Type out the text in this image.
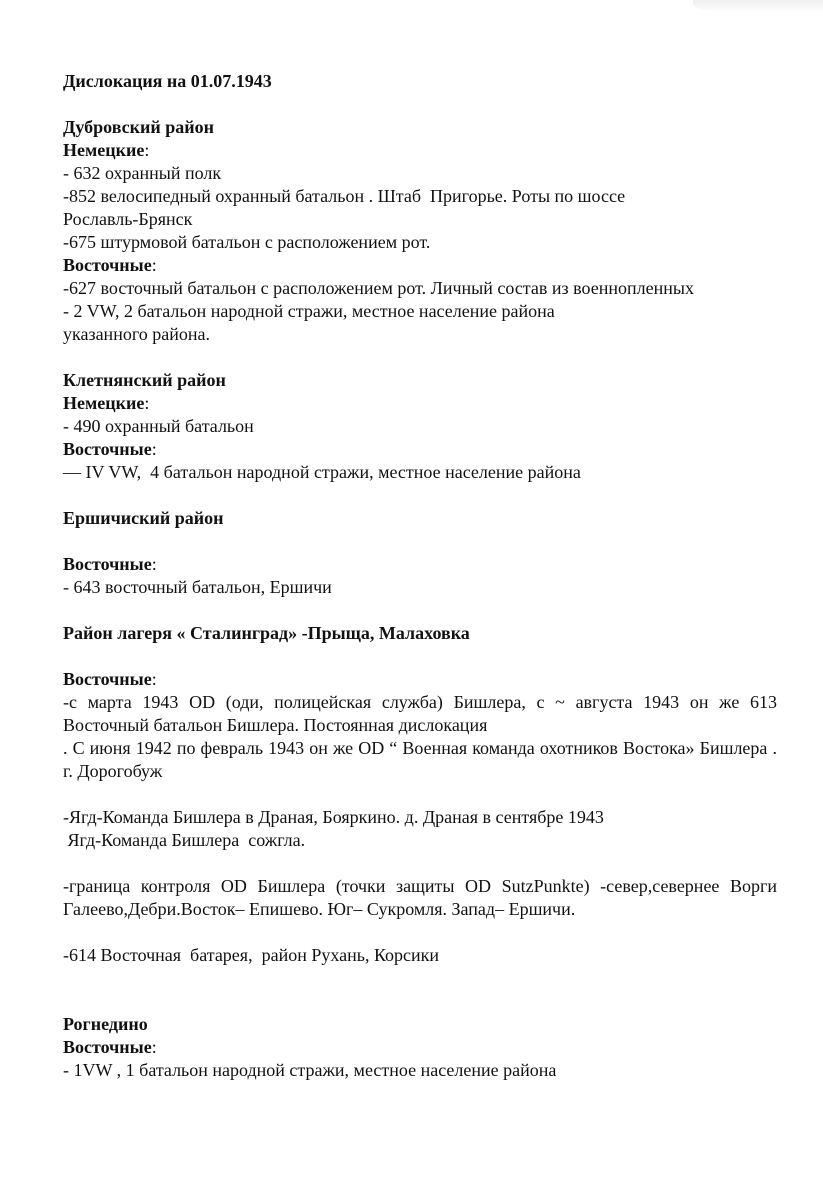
Дислокация на 01.07.1943
Дубровский район
Немецкие:
- 632 охранный полк
-852 велосипедный охранный батальон . Штаб  Пригорье. Роты по шоссе
Рославль-Брянск
-675 штурмовой батальон с расположением рот.
Восточные:
-627 восточный батальон с расположением рот. Личный состав из военнопленных
- 2 VW, 2 батальон народной стражи, местное население района
указанного района.
Клетнянский район
Немецкие:
- 490 охранный батальон
Восточные:
— IV VW,  4 батальон народной стражи, местное население района
Ершичиский район
Восточные:
- 643 восточный батальон, Ершичи
Район лагеря « Сталинград» -Прыща, Малаховка
Восточные:
-с марта 1943 OD (оди, полицейская служба) Бишлера, с ~ августа 1943 он же 613 Восточный батальон Бишлера. Постоянная дислокация
. С июня 1942 по февраль 1943 он же OD “ Военная команда охотников Востока» Бишлера . г. Дорогобуж
-Ягд-Команда Бишлера в Драная, Бояркино. д. Драная в сентябре 1943
Ягд-Команда Бишлера  сожгла.
-граница контроля OD Бишлера (точки защиты OD SutzPunkte) -север,севернее Ворги Галеево,Дебри.Восток– Епишево. Юг– Сукромля. Запад– Ершичи.
-614 Восточная  батарея,  район Рухань, Корсики
Рогнедино
Восточные:
- 1VW , 1 батальон народной стражи, местное население района
